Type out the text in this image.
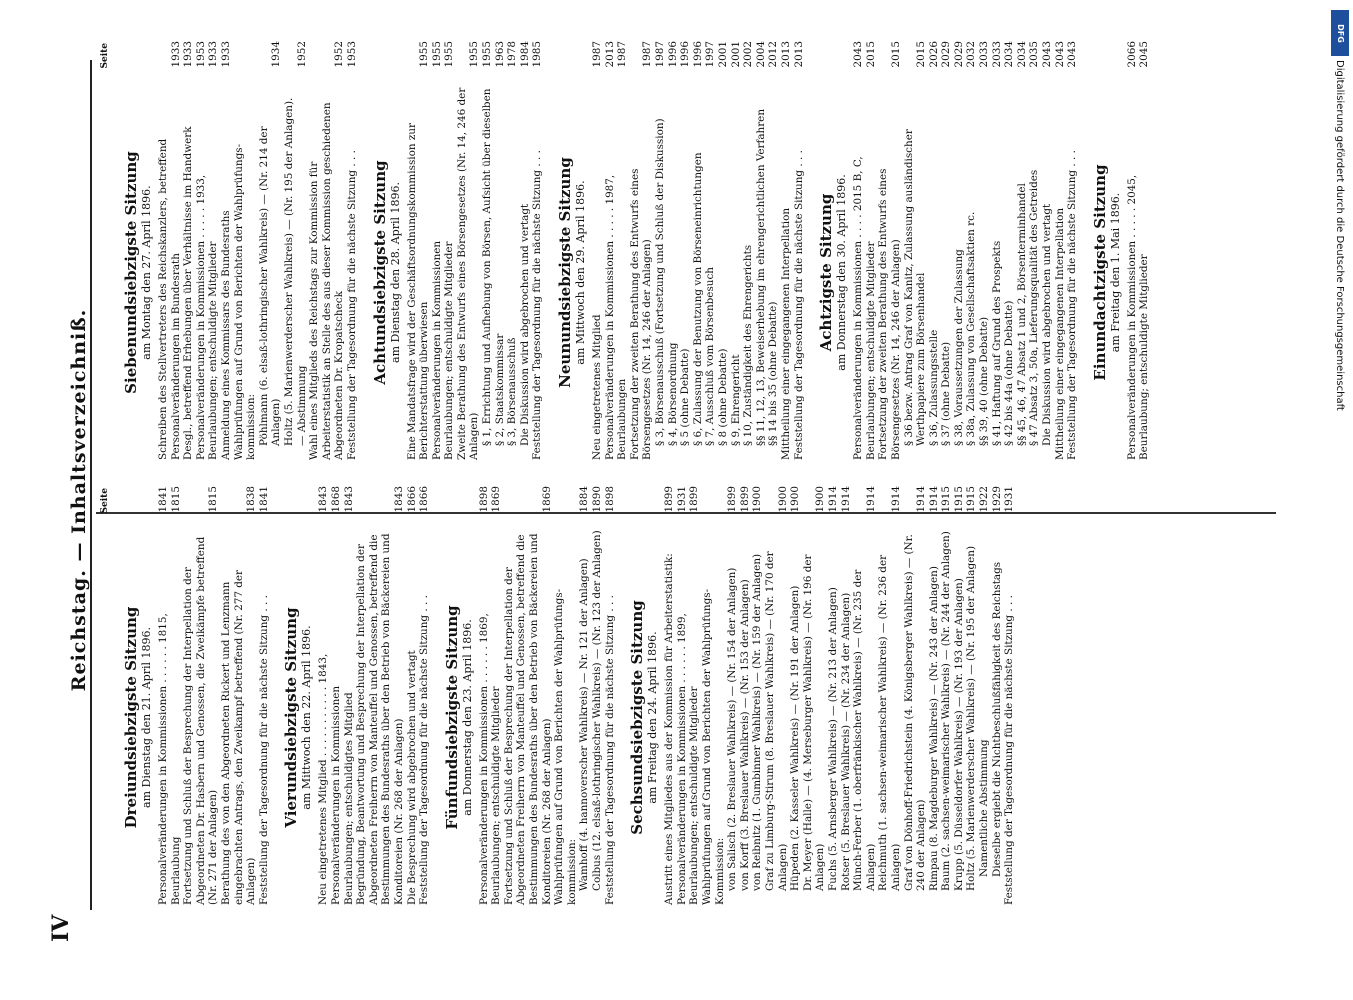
IV
Reichstag. — Inhaltsverzeichniß. Seite
Dreiundsiebzigste Sitzung am Dienstag den 21. April 1896. Personalveränderungen in Kommissionen . . . . . . 1815,
1841
Beurlaubung
1815
Fortsetzung und Schluß der Besprechung der Interpellation der Abgeordneten Dr. Hasbern und Genossen, die Zweikämpfe betreffend (Nr. 271 der Anlagen)
1815
Berathung des von den Abgeordneten Rickert und Lenzmann eingebrachten Antrags, den Zweikampf betreffend (Nr. 277 der Anlagen)
1838
Feststellung der Tagesordnung für die nächste Sitzung . . .
1841
Vierundsiebzigste Sitzung am Mittwoch den 22. April 1896. Neu eingetretenes Mitglied . . . . . . . . . . . 1843,
1843
Personalveränderungen in Kommissionen
1868
Beurlaubungen; entschuldigtes Mitglied
1843
Begründung, Beantwortung und Besprechung der Interpellation der Abgeordneten Freiherrn von Manteuffel und Genossen, betreffend die Bestimmungen des Bundesraths über den Betrieb von Bäckereien und Konditoreien (Nr. 268 der Anlagen)
1843
Die Besprechung wird abgebrochen und vertagt
1866
Feststellung der Tagesordnung für die nächste Sitzung . . .
1866
Fünfundsiebzigste Sitzung am Donnerstag den 23. April 1896. Personalveränderungen in Kommissionen . . . . . . 1869,
1898
Beurlaubungen; entschuldigte Mitglieder
1869
Fortsetzung und Schluß der Besprechung der Interpellation der Abgeordneten Freiherrn von Manteuffel und Genossen, betreffend die Bestimmungen des Bundesraths über den Betrieb von Bäckereien und Konditoreien (Nr. 268 der Anlagen)
1869
Wahlprüfungen auf Grund von Berichten der Wahlprüfungs-kommission: Wamhoff (4. hannoverscher Wahlkreis) — Nr. 121 der Anlagen)
1884
Colbus (12. elsaß-lothringischer Wahlkreis) — (Nr. 123 der Anlagen)
1890
Feststellung der Tagesordnung für die nächste Sitzung . . .
1898
Sechsundsiebzigste Sitzung am Freitag den 24. April 1896. Austritt eines Mitgliedes aus der Kommission für Arbeiterstatistik:
1899
Personalveränderungen in Kommissionen . . . . . . 1899,
1931
Beurlaubungen; entschuldigte Mitglieder
1899
Wahlprüfungen auf Grund von Berichten der Wahlprüfungs-Kommission: von Salisch (2. Breslauer Wahlkreis) — (Nr. 154 der Anlagen)
1899
von Korff (3. Breslauer Wahlkreis) — (Nr. 153 der Anlagen)
1899
von Reibnitz (1. Gumbinner Wahlkreis) — (Nr. 159 der Anlagen)
1900
Graf zu Limburg-Stirum (8. Breslauer Wahlkreis) — (Nr. 170 der Anlagen)
1900
Hüpeden (2. Kasseler Wahlkreis) — (Nr. 191 der Anlagen)
1900
Dr. Meyer (Halle) — (4. Merseburger Wahlkreis) — (Nr. 196 der Anlagen)
1900
Fuchs (5. Arnsberger Wahlkreis) — (Nr. 213 der Anlagen)
1914
Rotser (5. Breslauer Wahlkreis) — (Nr. 234 der Anlagen)
1914
Münch-Ferber (1. oberfränkischer Wahlkreis) — (Nr. 235 der Anlagen)
1914
Reichmuth (1. sachsen-weimarischer Wahlkreis) — (Nr. 236 der Anlagen)
1914
Graf von Dönhoff-Friedrichstein (4. Königsberger Wahlkreis) — (Nr. 240 der Anlagen)
1914
Rimpau (8. Magdeburger Wahlkreis) — (Nr. 243 der Anlagen)
1914
Baum (2. sachsen-weimarischer Wahlkreis) — (Nr. 244 der Anlagen)
1915
Krupp (5. Düsseldorfer Wahlkreis) — (Nr. 193 der Anlagen)
1915
Holtz (5. Marienwerderscher Wahlkreis) — (Nr. 195 der Anlagen)
1915
Namentliche Abstimmung
1922
Dieselbe ergiebt die Nichtbeschlußfähigkeit des Reichstags
1929
Feststellung der Tagesordnung für die nächste Sitzung . . .
1931
Seite
Siebenundsiebzigste Sitzung am Montag den 27. April 1896. Schreiben des Stellvertreters des Reichskanzlers, betreffend Personalveränderungen im Bundesrath
1933
Desgl., betreffend Erhebungen über Verhältnisse im Handwerk
1933
Personalveränderungen in Kommissionen . . . . . 1933,
1953
Beurlaubungen; entschuldigte Mitglieder
1933
Anmeldung eines Kommissars des Bundesraths
1933
Wahlprüfungen auf Grund von Berichten der Wahlprüfungs-kommission: Pöhlmann (6. elsaß-lothringischer Wahlkreis) — (Nr. 214 der Anlagen)
1934
Holtz (5. Marienwerderscher Wahlkreis) — (Nr. 195 der Anlagen). — Abstimmung
1952
Wahl eines Mitglieds des Reichstags zur Kommission für Arbeiterstatistik an Stelle des aus dieser Kommission geschiedenen Abgeordneten Dr. Kropatscheck
1952
Feststellung der Tagesordnung für die nächste Sitzung . . .
1953
Achtundsiebzigste Sitzung am Dienstag den 28. April 1896. Eine Mandatsfrage wird der Geschäftsordnungskommission zur Berichterstattung überwiesen
1955
Personalveränderungen in Kommissionen
1955
Beurlaubungen; entschuldigte Mitglieder
1955
Zweite Berathung des Entwurfs eines Börsengesetzes (Nr. 14, 246 der Anlagen)
1955
§ 1, Errichtung und Aufhebung von Börsen, Aufsicht über dieselben
1955
§ 2, Staatskommissar
1963
§ 3, Börsenausschuß
1978
Die Diskussion wird abgebrochen und vertagt
1984
Feststellung der Tagesordnung für die nächste Sitzung . . .
1985
Neunundsiebzigste Sitzung am Mittwoch den 29. April 1896.
Neu eingetretenes Mitglied
1987
Personalveränderungen in Kommissionen . . . . . 1987,
2013
Beurlaubungen
1987
Fortsetzung der zweiten Berathung des Entwurfs eines Börsengesetzes (Nr. 14, 246 der Anlagen)
1987
§ 3, Börsenausschuß (Fortsetzung und Schluß der Diskussion)
1987
§ 4, Börsenordnung
1996
§ 5 (ohne Debatte)
1996
§ 6, Zulassung der Benutzung von Börseneinrichtungen
1996
§ 7, Ausschluß vom Börsenbesuch
1997
§ 8 (ohne Debatte)
2001
§ 9, Ehrengericht
2001
§ 10, Zuständigkeit des Ehrengerichts
2002
§§ 11, 12, 13, Beweiserhebung im ehrengerichtlichen Verfahren
2004
§§ 14 bis 35 (ohne Debatte)
2012
Mittheilung einer eingegangenen Interpellation
2013
Feststellung der Tagesordnung für die nächste Sitzung . . .
2013
Achtzigste Sitzung am Donnerstag den 30. April 1896. Personalveränderungen in Kommissionen . . . . 2015 B, C,
2043
Beurlaubungen; entschuldigte Mitglieder
2015
Fortsetzung der zweiten Berathung des Entwurfs eines Börsengesetzes (Nr. 14, 246 der Anlagen)
2015
§ 36 bezw. Antrag Graf von Kanitz, Zulassung ausländischer Werthpapiere zum Börsenhandel
2015
§ 36, Zulassungsstelle
2026
§ 37 (ohne Debatte)
2029
§ 38, Voraussetzungen der Zulassung
2029
§ 38a, Zulassung von Gesellschaftsaktien rc.
2032
§§ 39, 40 (ohne Debatte)
2033
§ 41, Haftung auf Grund des Prospekts
2033
§ 42 bis 44a (ohne Debatte)
2034
§§ 45, 46, 47 Absatz 1 und 2, Börsenterminhandel
2034
§ 47 Absatz 3, 50a, Lieferungsqualität des Getreides
2035
Die Diskussion wird abgebrochen und vertagt
2043
Mittheilung einer eingegangenen Interpellation
2043
Feststellung der Tagesordnung für die nächste Sitzung . . .
2043
Einundachtzigste Sitzung am Freitag den 1. Mai 1896. Personalveränderungen in Kommissionen . . . . . 2045,
2066
Beurlaubung; entschuldigte Mitglieder
2045
DFG
Digitalisierung gefördert durch die Deutsche Forschungsgemeinschaft
